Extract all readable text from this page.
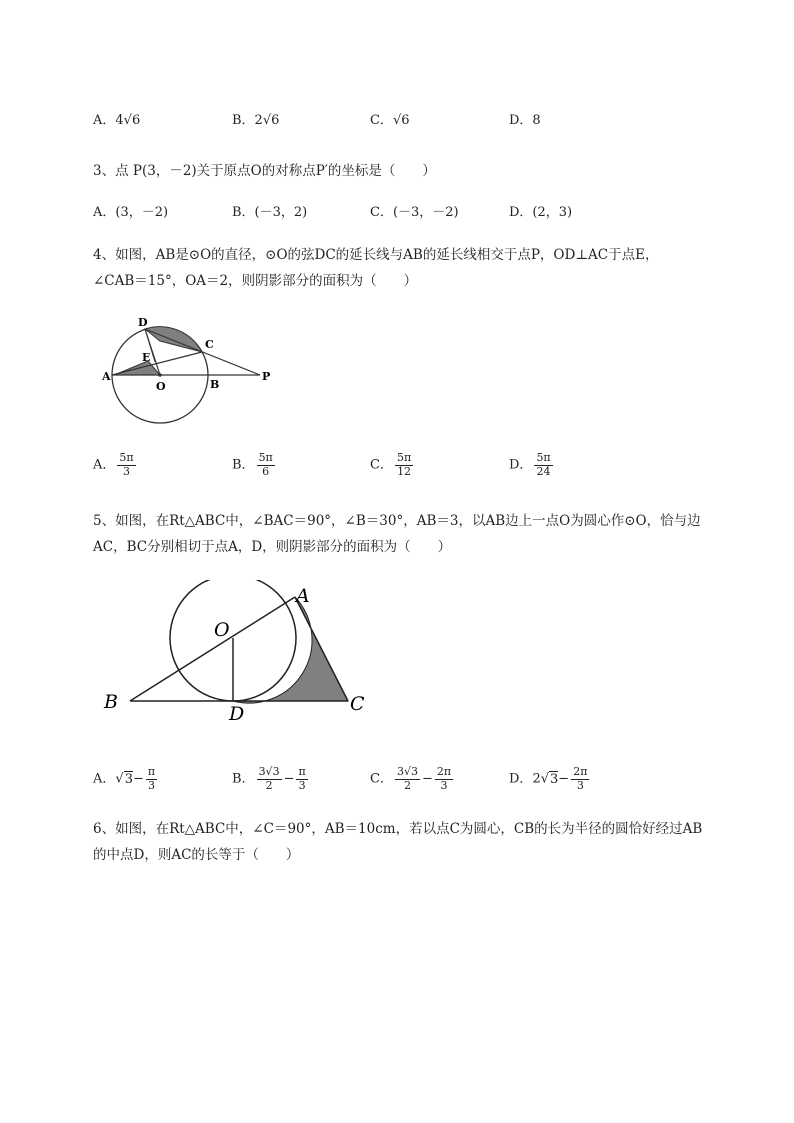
A．4√6	B．2√6	C．√6	D．8
3、点 P(3，－2)关于原点O的对称点P′的坐标是（　　）
A．(3，－2)	B．(－3，2)	C．(－3，－2)	D．(2，3)
4、如图，AB是⊙O的直径，⊙O的弦DC的延长线与AB的延长线相交于点P，OD⊥AC于点E，
∠CAB＝15°，OA＝2，则阴影部分的面积为（　　）
D
C
E
A
O	B
P
A． $\frac{5\pi}{3}$	B． $\frac{5\pi}{6}$	C． $\frac{5\pi}{12}$	D． $\frac{5\pi}{24}$
5、如图，在Rt△ABC中，∠BAC＝90°，∠B＝30°，AB＝3，以AB边上一点O为圆心作⊙O，恰与边
AC，BC分别相切于点A，D，则阴影部分的面积为（　　）
A
O
B
D	C
A．$√3- \frac{\pi}{3}$	B． $\frac{3√3}{2} - \frac{\pi}{3}$	C． $\frac{3√3}{2} - \frac{2\pi}{3}$	D．$2√3- \frac{2\pi}{3}$
6、如图，在Rt△ABC中，∠C＝90°，AB＝10cm，若以点C为圆心，CB的长为半径的圆恰好经过AB
的中点D，则AC的长等于（　　）
